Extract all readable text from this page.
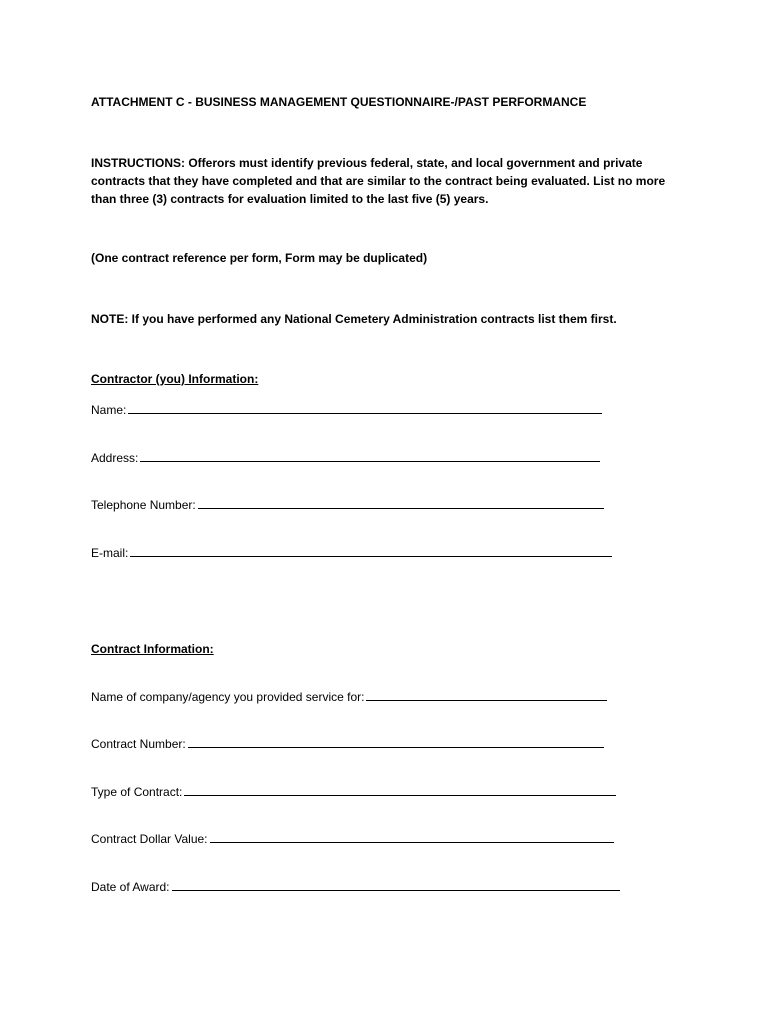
ATTACHMENT C - BUSINESS MANAGEMENT QUESTIONNAIRE-/PAST PERFORMANCE
INSTRUCTIONS: Offerors must identify previous federal, state, and local government and private contracts that they have completed and that are similar to the contract being evaluated. List no more than three (3) contracts for evaluation limited to the last five (5) years.
(One contract reference per form, Form may be duplicated)
NOTE: If you have performed any National Cemetery Administration contracts list them first.
Contractor (you) Information:
Name:
Address:
Telephone Number:
E-mail:
Contract Information:
Name of company/agency you provided service for:
Contract Number:
Type of Contract:
Contract Dollar Value:
Date of Award:
